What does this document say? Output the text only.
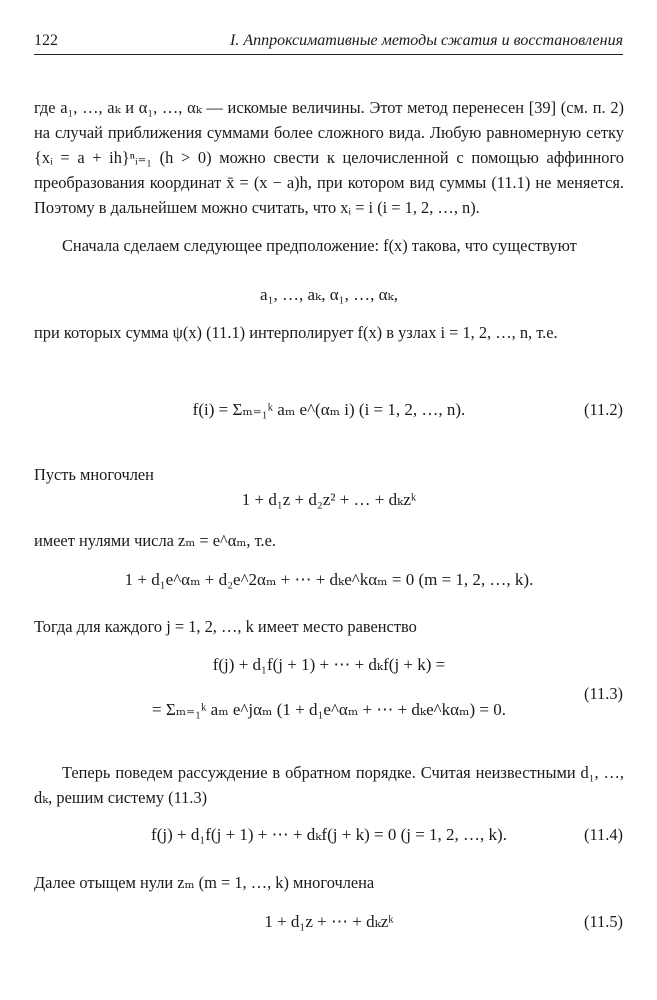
122	I. Аппроксимативные методы сжатия и восстановления

где a₁, …, aₖ и α₁, …, αₖ — искомые величины. Этот метод перенесен [39] (см. п. 2) на случай приближения суммами более сложного вида. Любую равномерную сетку {xᵢ = a + ih}ⁿᵢ₌₁ (h > 0) можно свести к целочисленной с помощью аффинного преобразования координат x̄ = (x − a)h, при котором вид суммы (11.1) не меняется. Поэтому в дальнейшем можно считать, что xᵢ = i (i = 1, 2, …, n).

Сначала сделаем следующее предположение: f(x) такова, что существуют

a₁, …, aₖ, α₁, …, αₖ,

при которых сумма ψ(x) (11.1) интерполирует f(x) в узлах i = 1, 2, …, n, т.е.

f(i) = Σₘ₌₁ᵏ aₘ e^(αₘ i) (i = 1, 2, …, n).	(11.2)

Пусть многочлен

1 + d₁z + d₂z² + … + dₖzᵏ

имеет нулями числа zₘ = e^αₘ, т.е.

1 + d₁e^αₘ + d₂e^2αₘ + ⋯ + dₖe^kαₘ = 0 (m = 1, 2, …, k).

Тогда для каждого j = 1, 2, …, k имеет место равенство

f(j) + d₁f(j + 1) + ⋯ + dₖf(j + k) =
= Σₘ₌₁ᵏ aₘ e^jαₘ (1 + d₁e^αₘ + ⋯ + dₖe^kαₘ) = 0.
(11.3)

Теперь поведем рассуждение в обратном порядке. Считая неизвестными d₁, …, dₖ, решим систему (11.3)

f(j) + d₁f(j + 1) + ⋯ + dₖf(j + k) = 0 (j = 1, 2, …, k).	(11.4)

Далее отыщем нули zₘ (m = 1, …, k) многочлена

1 + d₁z + ⋯ + dₖzᵏ	(11.5)
